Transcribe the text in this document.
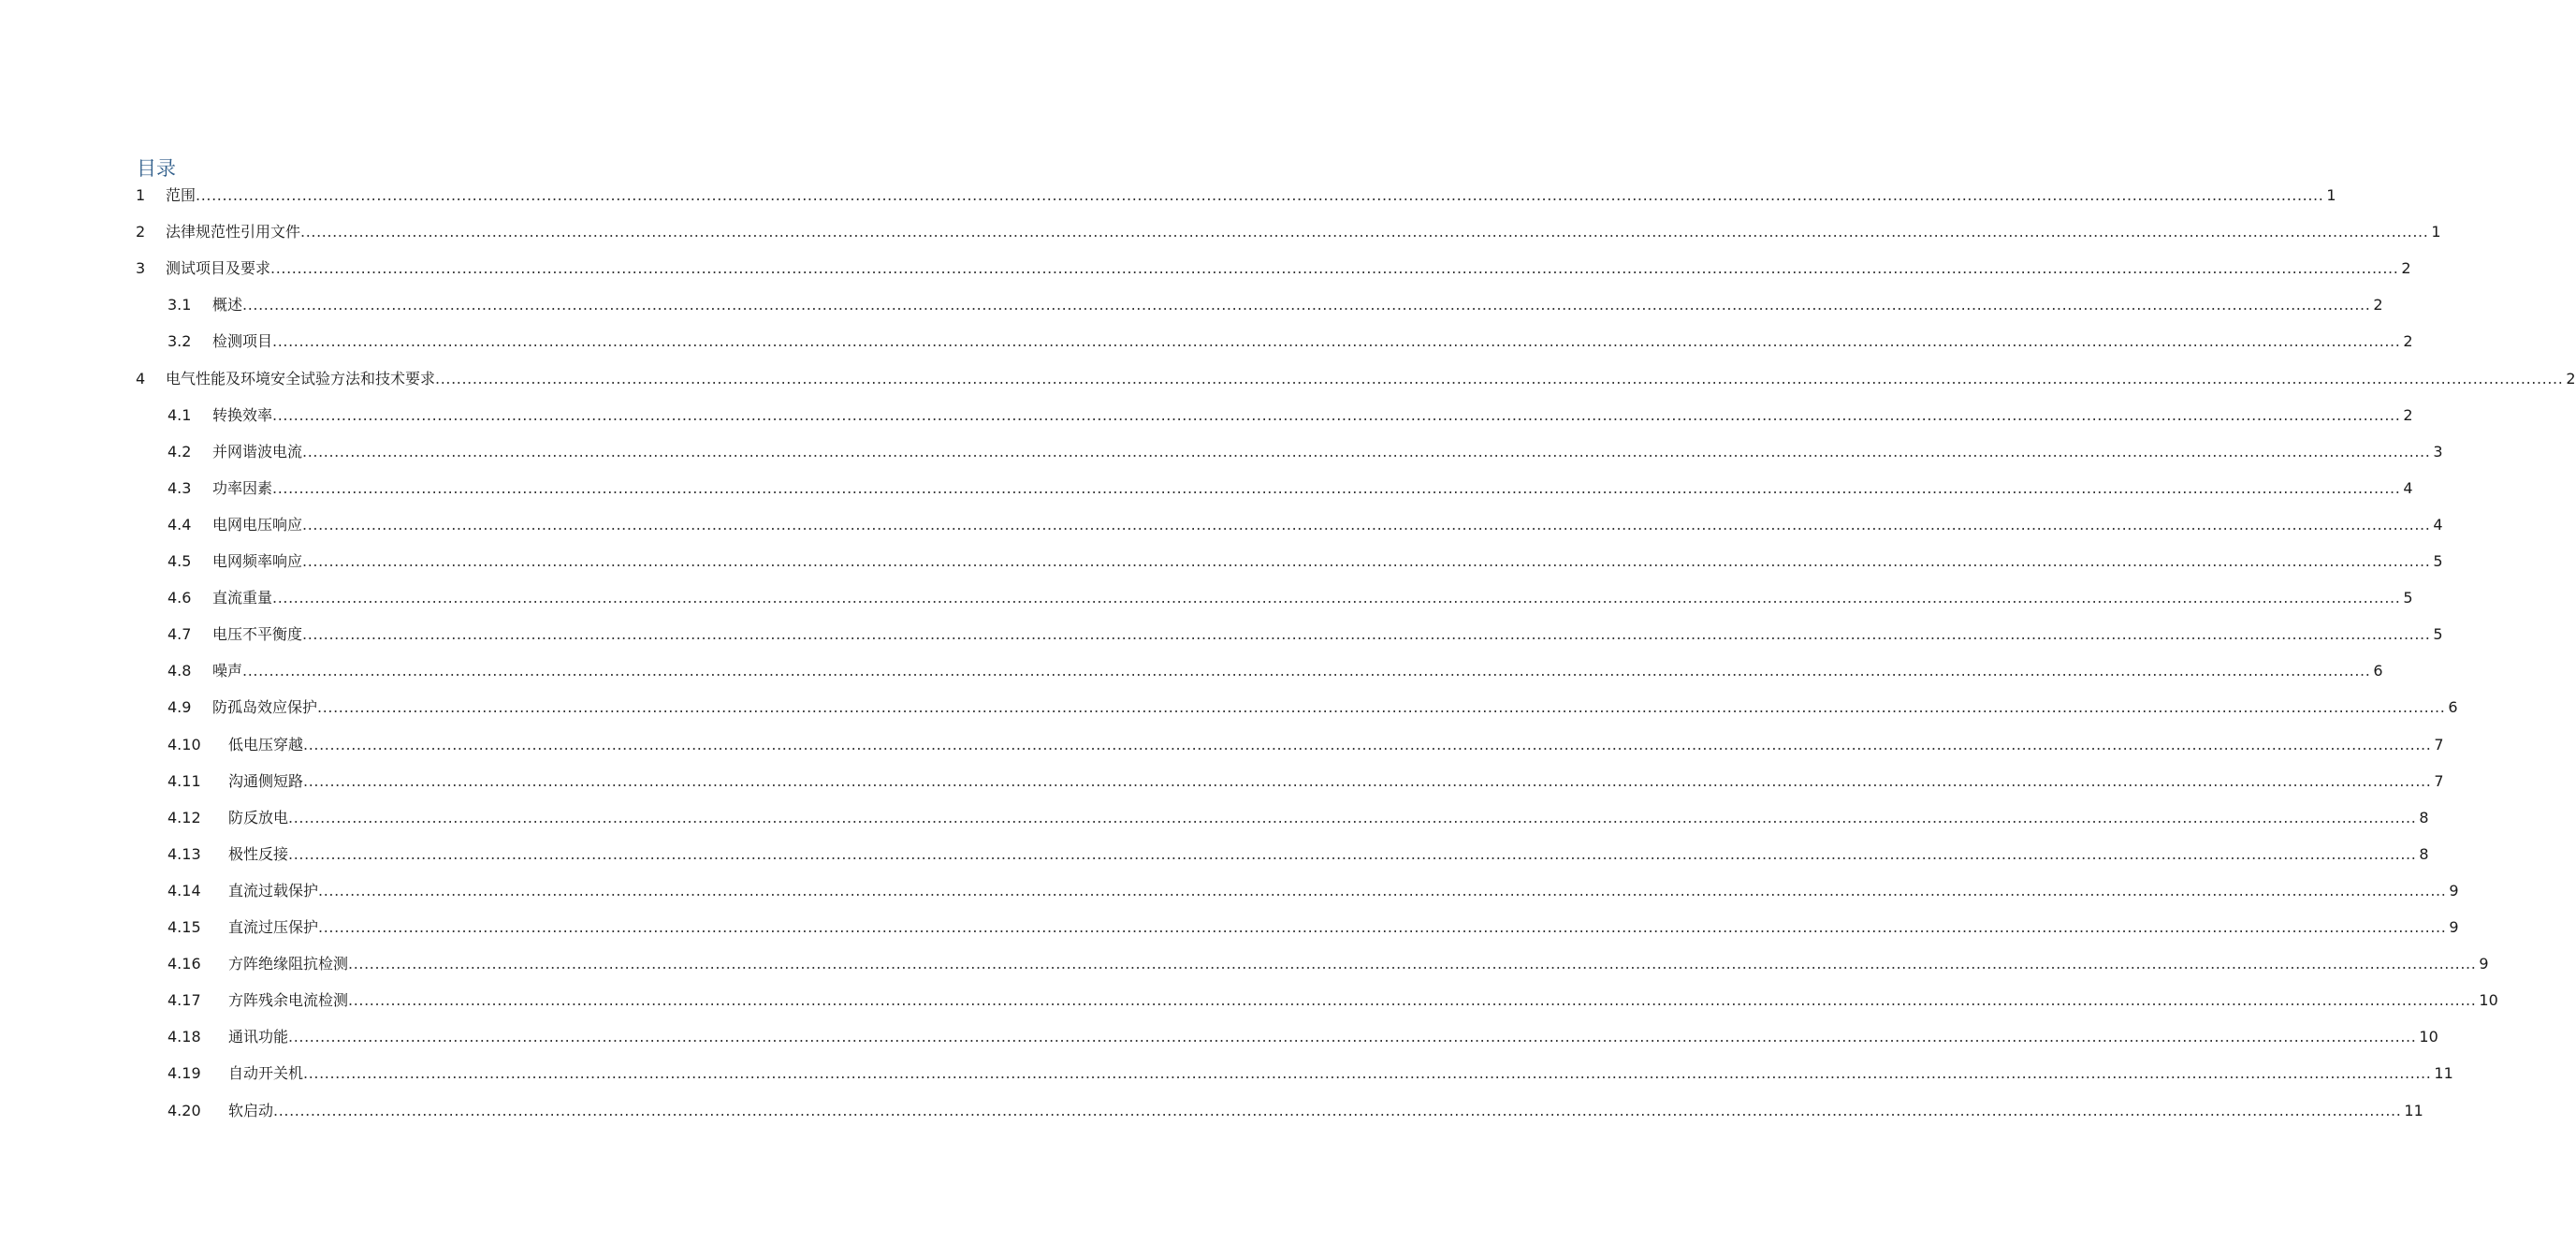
目录
1 范围 ................................................................................................................................................................................................................................................................................................................................................................................................................ 1
2 法律规范性引用文件 ................................................................................................................................................................................................................................................................................................................................................................................................................ 1
3 测试项目及要求 ................................................................................................................................................................................................................................................................................................................................................................................................................ 2
3.1 概述 ................................................................................................................................................................................................................................................................................................................................................................................................................ 2
3.2 检测项目 ................................................................................................................................................................................................................................................................................................................................................................................................................ 2
4 电气性能及环境安全试验方法和技术要求 ................................................................................................................................................................................................................................................................................................................................................................................................................ 2
4.1 转换效率 ................................................................................................................................................................................................................................................................................................................................................................................................................ 2
4.2 并网谐波电流 ................................................................................................................................................................................................................................................................................................................................................................................................................ 3
4.3 功率因素 ................................................................................................................................................................................................................................................................................................................................................................................................................ 4
4.4 电网电压响应 ................................................................................................................................................................................................................................................................................................................................................................................................................ 4
4.5 电网频率响应 ................................................................................................................................................................................................................................................................................................................................................................................................................ 5
4.6 直流重量 ................................................................................................................................................................................................................................................................................................................................................................................................................ 5
4.7 电压不平衡度 ................................................................................................................................................................................................................................................................................................................................................................................................................ 5
4.8 噪声 ................................................................................................................................................................................................................................................................................................................................................................................................................ 6
4.9 防孤岛效应保护 ................................................................................................................................................................................................................................................................................................................................................................................................................ 6
4.10 低电压穿越 ................................................................................................................................................................................................................................................................................................................................................................................................................ 7
4.11 沟通侧短路 ................................................................................................................................................................................................................................................................................................................................................................................................................ 7
4.12 防反放电 ................................................................................................................................................................................................................................................................................................................................................................................................................ 8
4.13 极性反接 ................................................................................................................................................................................................................................................................................................................................................................................................................ 8
4.14 直流过载保护 ................................................................................................................................................................................................................................................................................................................................................................................................................ 9
4.15 直流过压保护 ................................................................................................................................................................................................................................................................................................................................................................................................................ 9
4.16 方阵绝缘阻抗检测 ................................................................................................................................................................................................................................................................................................................................................................................................................ 9
4.17 方阵残余电流检测 ................................................................................................................................................................................................................................................................................................................................................................................................................ 10
4.18 通讯功能 ................................................................................................................................................................................................................................................................................................................................................................................................................ 10
4.19 自动开关机 ................................................................................................................................................................................................................................................................................................................................................................................................................ 11
4.20 软启动 ................................................................................................................................................................................................................................................................................................................................................................................................................ 11
